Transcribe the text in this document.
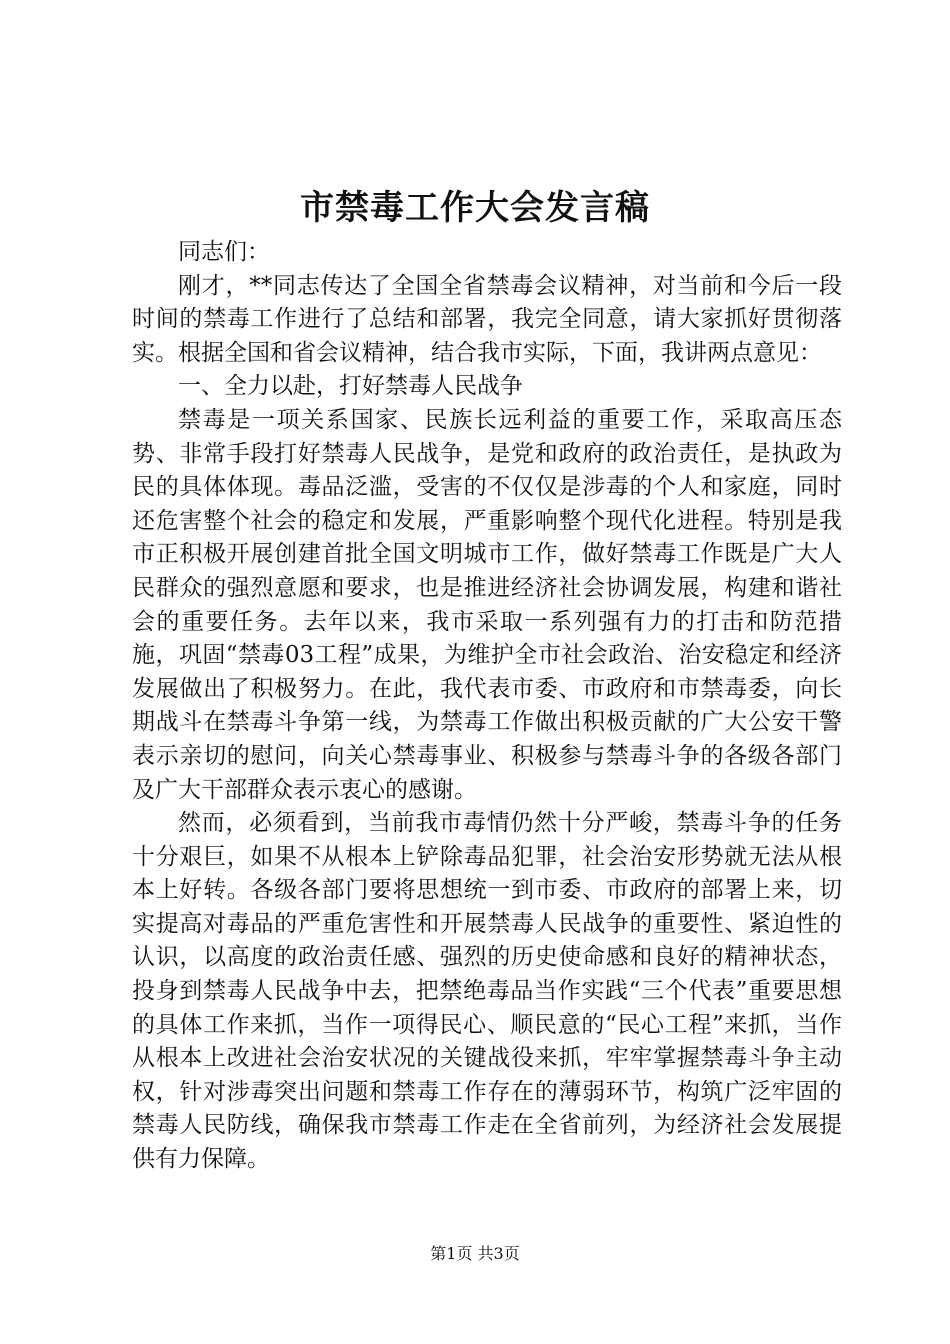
市禁毒工作大会发言稿

同志们：

刚才，**同志传达了全国全省禁毒会议精神，对当前和今后一段时间的禁毒工作进行了总结和部署，我完全同意，请大家抓好贯彻落实。根据全国和省会议精神，结合我市实际，下面，我讲两点意见：

一、全力以赴，打好禁毒人民战争

禁毒是一项关系国家、民族长远利益的重要工作，采取高压态势、非常手段打好禁毒人民战争，是党和政府的政治责任，是执政为民的具体体现。毒品泛滥，受害的不仅仅是涉毒的个人和家庭，同时还危害整个社会的稳定和发展，严重影响整个现代化进程。特别是我市正积极开展创建首批全国文明城市工作，做好禁毒工作既是广大人民群众的强烈意愿和要求，也是推进经济社会协调发展，构建和谐社会的重要任务。去年以来，我市采取一系列强有力的打击和防范措施，巩固“禁毒03工程”成果，为维护全市社会政治、治安稳定和经济发展做出了积极努力。在此，我代表市委、市政府和市禁毒委，向长期战斗在禁毒斗争第一线，为禁毒工作做出积极贡献的广大公安干警表示亲切的慰问，向关心禁毒事业、积极参与禁毒斗争的各级各部门及广大干部群众表示衷心的感谢。

然而，必须看到，当前我市毒情仍然十分严峻，禁毒斗争的任务十分艰巨，如果不从根本上铲除毒品犯罪，社会治安形势就无法从根本上好转。各级各部门要将思想统一到市委、市政府的部署上来，切实提高对毒品的严重危害性和开展禁毒人民战争的重要性、紧迫性的认识，以高度的政治责任感、强烈的历史使命感和良好的精神状态，投身到禁毒人民战争中去，把禁绝毒品当作实践“三个代表”重要思想的具体工作来抓，当作一项得民心、顺民意的“民心工程”来抓，当作从根本上改进社会治安状况的关键战役来抓，牢牢掌握禁毒斗争主动权，针对涉毒突出问题和禁毒工作存在的薄弱环节，构筑广泛牢固的禁毒人民防线，确保我市禁毒工作走在全省前列，为经济社会发展提供有力保障。

第1页 共3页
